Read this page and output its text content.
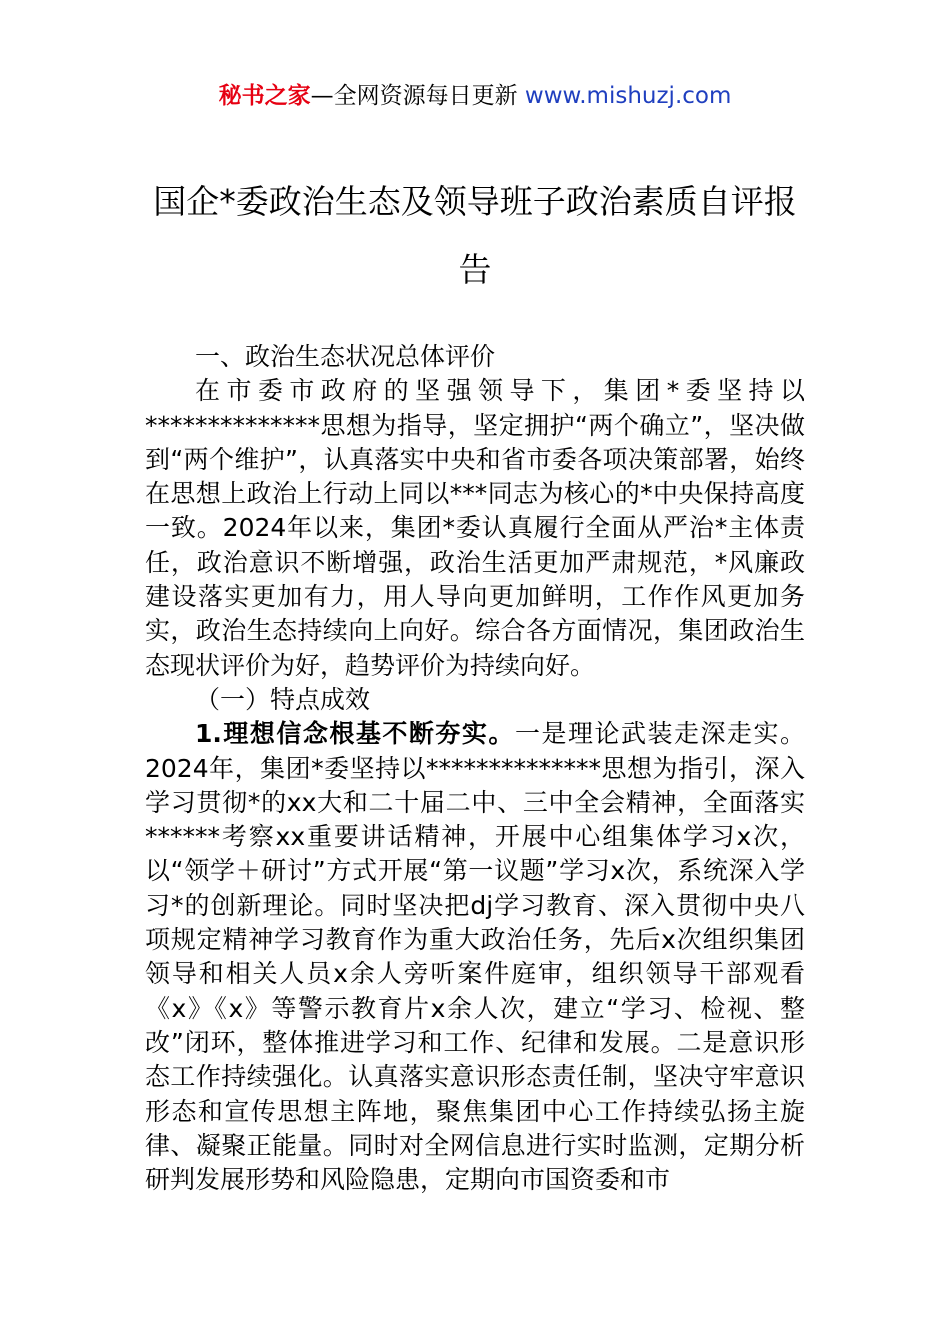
秘书之家—全网资源每日更新 www.mishuzj.com
国企*委政治生态及领导班子政治素质自评报告

一、政治生态状况总体评价

在市委市政府的坚强领导下，集团*委坚持以**************思想为指导，坚定拥护“两个确立”，坚决做到“两个维护”，认真落实中央和省市委各项决策部署，始终在思想上政治上行动上同以***同志为核心的*中央保持高度一致。2024年以来，集团*委认真履行全面从严治*主体责任，政治意识不断增强，政治生活更加严肃规范，*风廉政建设落实更加有力，用人导向更加鲜明，工作作风更加务实，政治生态持续向上向好。综合各方面情况，集团政治生态现状评价为好，趋势评价为持续向好。

（一）特点成效

1.理想信念根基不断夯实。一是理论武装走深走实。2024年，集团*委坚持以**************思想为指引，深入学习贯彻*的xx大和二十届二中、三中全会精神，全面落实******考察xx重要讲话精神，开展中心组集体学习x次，以“领学＋研讨”方式开展“第一议题”学习x次，系统深入学习*的创新理论。同时坚决把dj学习教育、深入贯彻中央八项规定精神学习教育作为重大政治任务，先后x次组织集团领导和相关人员x余人旁听案件庭审，组织领导干部观看《x》《x》等警示教育片x余人次，建立“学习、检视、整改”闭环，整体推进学习和工作、纪律和发展。二是意识形态工作持续强化。认真落实意识形态责任制，坚决守牢意识形态和宣传思想主阵地，聚焦集团中心工作持续弘扬主旋律、凝聚正能量。同时对全网信息进行实时监测，定期分析研判发展形势和风险隐患，定期向市国资委和市
